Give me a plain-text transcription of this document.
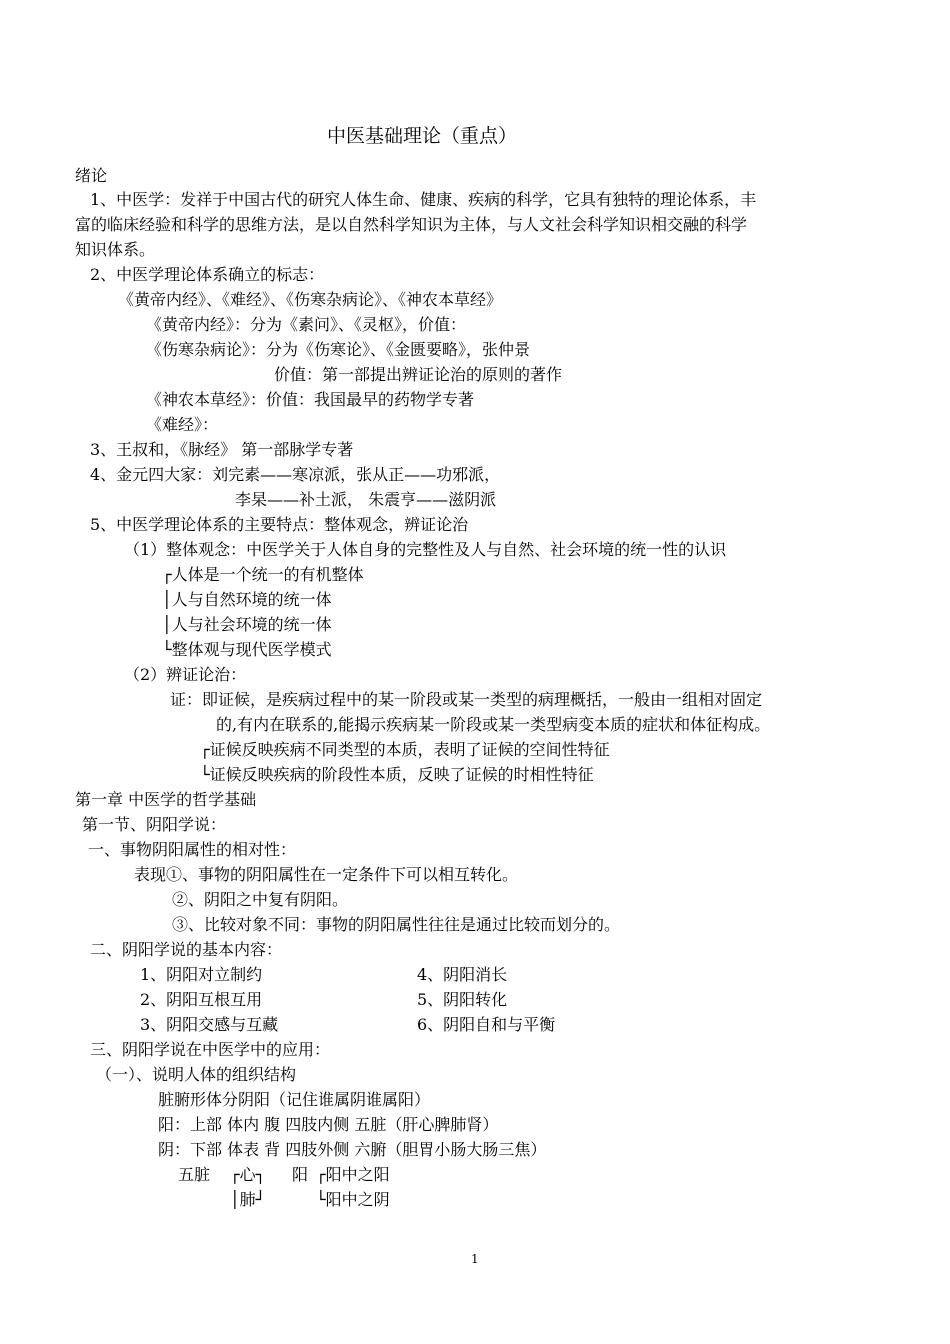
中医基础理论（重点）
绪论
1、中医学：发祥于中国古代的研究人体生命、健康、疾病的科学，它具有独特的理论体系，丰
富的临床经验和科学的思维方法，是以自然科学知识为主体，与人文社会科学知识相交融的科学
知识体系。
2、中医学理论体系确立的标志：
《黄帝内经》、《难经》、《伤寒杂病论》、《神农本草经》
《黄帝内经》：分为《素问》、《灵枢》，价值：
《伤寒杂病论》：分为《伤寒论》、《金匮要略》，张仲景
价值：第一部提出辨证论治的原则的著作
《神农本草经》：价值：我国最早的药物学专著
《难经》：
3、王叔和，《脉经》 第一部脉学专著
4、金元四大家：刘完素——寒凉派，张从正——功邪派，
李杲——补土派， 朱震亨——滋阴派
5、中医学理论体系的主要特点：整体观念，辨证论治
（1）整体观念：中医学关于人体自身的完整性及人与自然、社会环境的统一性的认识
┌人体是一个统一的有机整体
│人与自然环境的统一体
│人与社会环境的统一体
└整体观与现代医学模式
（2）辨证论治：
证：即证候，是疾病过程中的某一阶段或某一类型的病理概括，一般由一组相对固定
的,有内在联系的,能揭示疾病某一阶段或某一类型病变本质的症状和体征构成。
┌证候反映疾病不同类型的本质，表明了证候的空间性特征
└证候反映疾病的阶段性本质，反映了证候的时相性特征
第一章 中医学的哲学基础
第一节、阴阳学说：
一、事物阴阳属性的相对性：
表现①、事物的阴阳属性在一定条件下可以相互转化。
②、阴阳之中复有阴阳。
③、比较对象不同：事物的阴阳属性往往是通过比较而划分的。
二、阴阳学说的基本内容：
1、阴阳对立制约	4、阴阳消长
2、阴阳互根互用	5、阴阳转化
3、阴阳交感与互藏	6、阴阳自和与平衡
三、阴阳学说在中医学中的应用：
（一）、说明人体的组织结构
脏腑形体分阴阳（记住谁属阴谁属阳）
阳：上部 体内 腹 四肢内侧 五脏（肝心脾肺肾）
阴：下部 体表 背 四肢外侧 六腑（胆胃小肠大肠三焦）
五脏 ┌心┐ 阳 ┌阳中之阳
│肺┘	└阳中之阴
1
